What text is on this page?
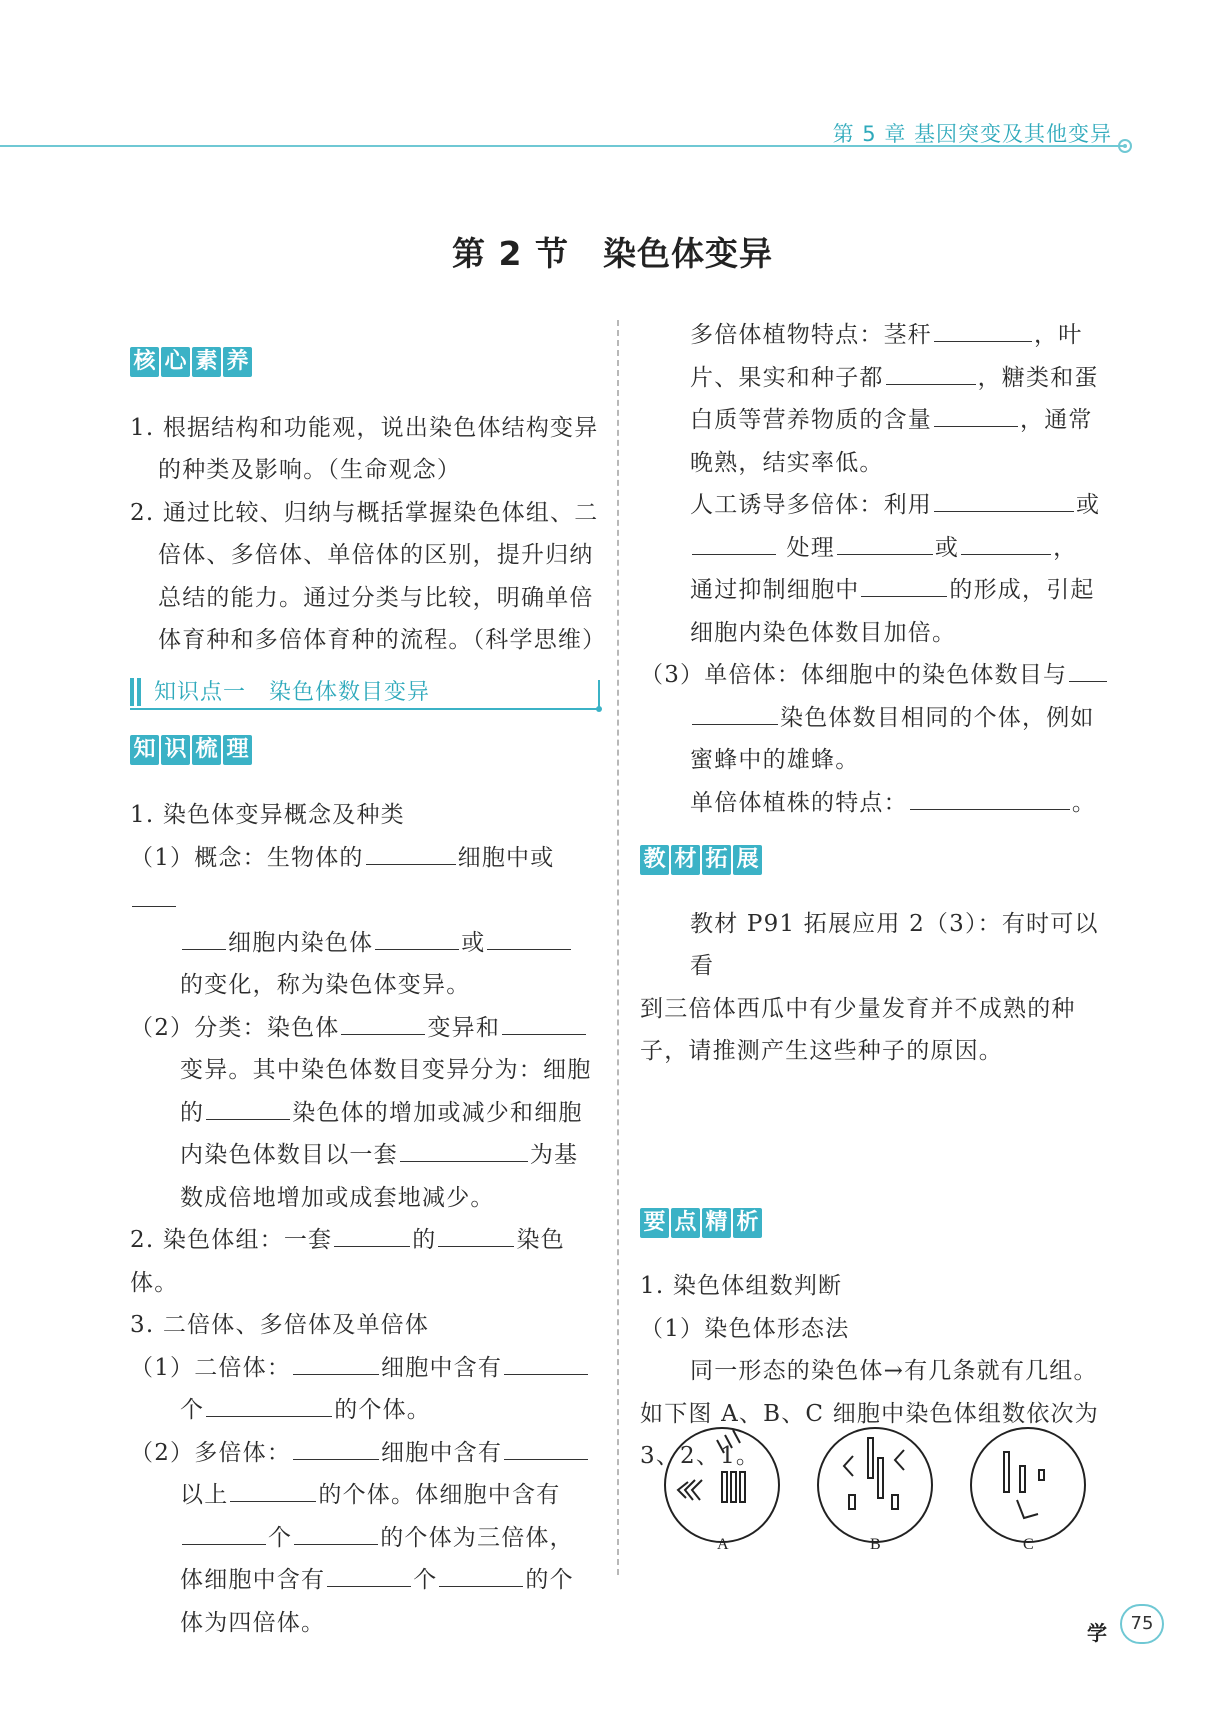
第 5 章 基因突变及其他变异
第 2 节 染色体变异
核 心 素 养

1. 根据结构和功能观，说出染色体结构变异

的种类及影响。（生命观念）

2. 通过比较、归纳与概括掌握染色体组、二

倍体、多倍体、单倍体的区别，提升归纳

总结的能力。通过分类与比较，明确单倍

体育种和多倍体育种的流程。（科学思维）

知识点一　染色体数目变异
知 识 梳 理

1. 染色体变异概念及种类

（1）概念：生物体的	细胞中或

细胞内染色体	或

的变化，称为染色体变异。

（2）分类：染色体	变异和

变异。其中染色体数目变异分为：细胞

的	染色体的增加或减少和细胞

内染色体数目以一套	为基

数成倍地增加或成套地减少。

2. 染色体组：一套	的	染色体。

3. 二倍体、多倍体及单倍体

（1）二倍体：	细胞中含有

个	的个体。

（2）多倍体：	细胞中含有

以上	的个体。体细胞中含有

个	的个体为三倍体，

体细胞中含有	个	的个

体为四倍体。

多倍体植物特点：茎秆	，叶

片、果实和种子都	，糖类和蛋

白质等营养物质的含量	，通常

晚熟，结实率低。

人工诱导多倍体：利用	或

处理	或	，

通过抑制细胞中	的形成，引起

细胞内染色体数目加倍。

（3）单倍体：体细胞中的染色体数目与

染色体数目相同的个体，例如

蜜蜂中的雄蜂。

单倍体植株的特点：	。

教 材 拓 展

教材 P91 拓展应用 2（3）：有时可以看

到三倍体西瓜中有少量发育并不成熟的种

子，请推测产生这些种子的原因。

要 点 精 析

1. 染色体组数判断

（1）染色体形态法

同一形态的染色体→有几条就有几组。

如下图 A、B、C 细胞中染色体组数依次为

3、2、1。

A	B	C
学	75
